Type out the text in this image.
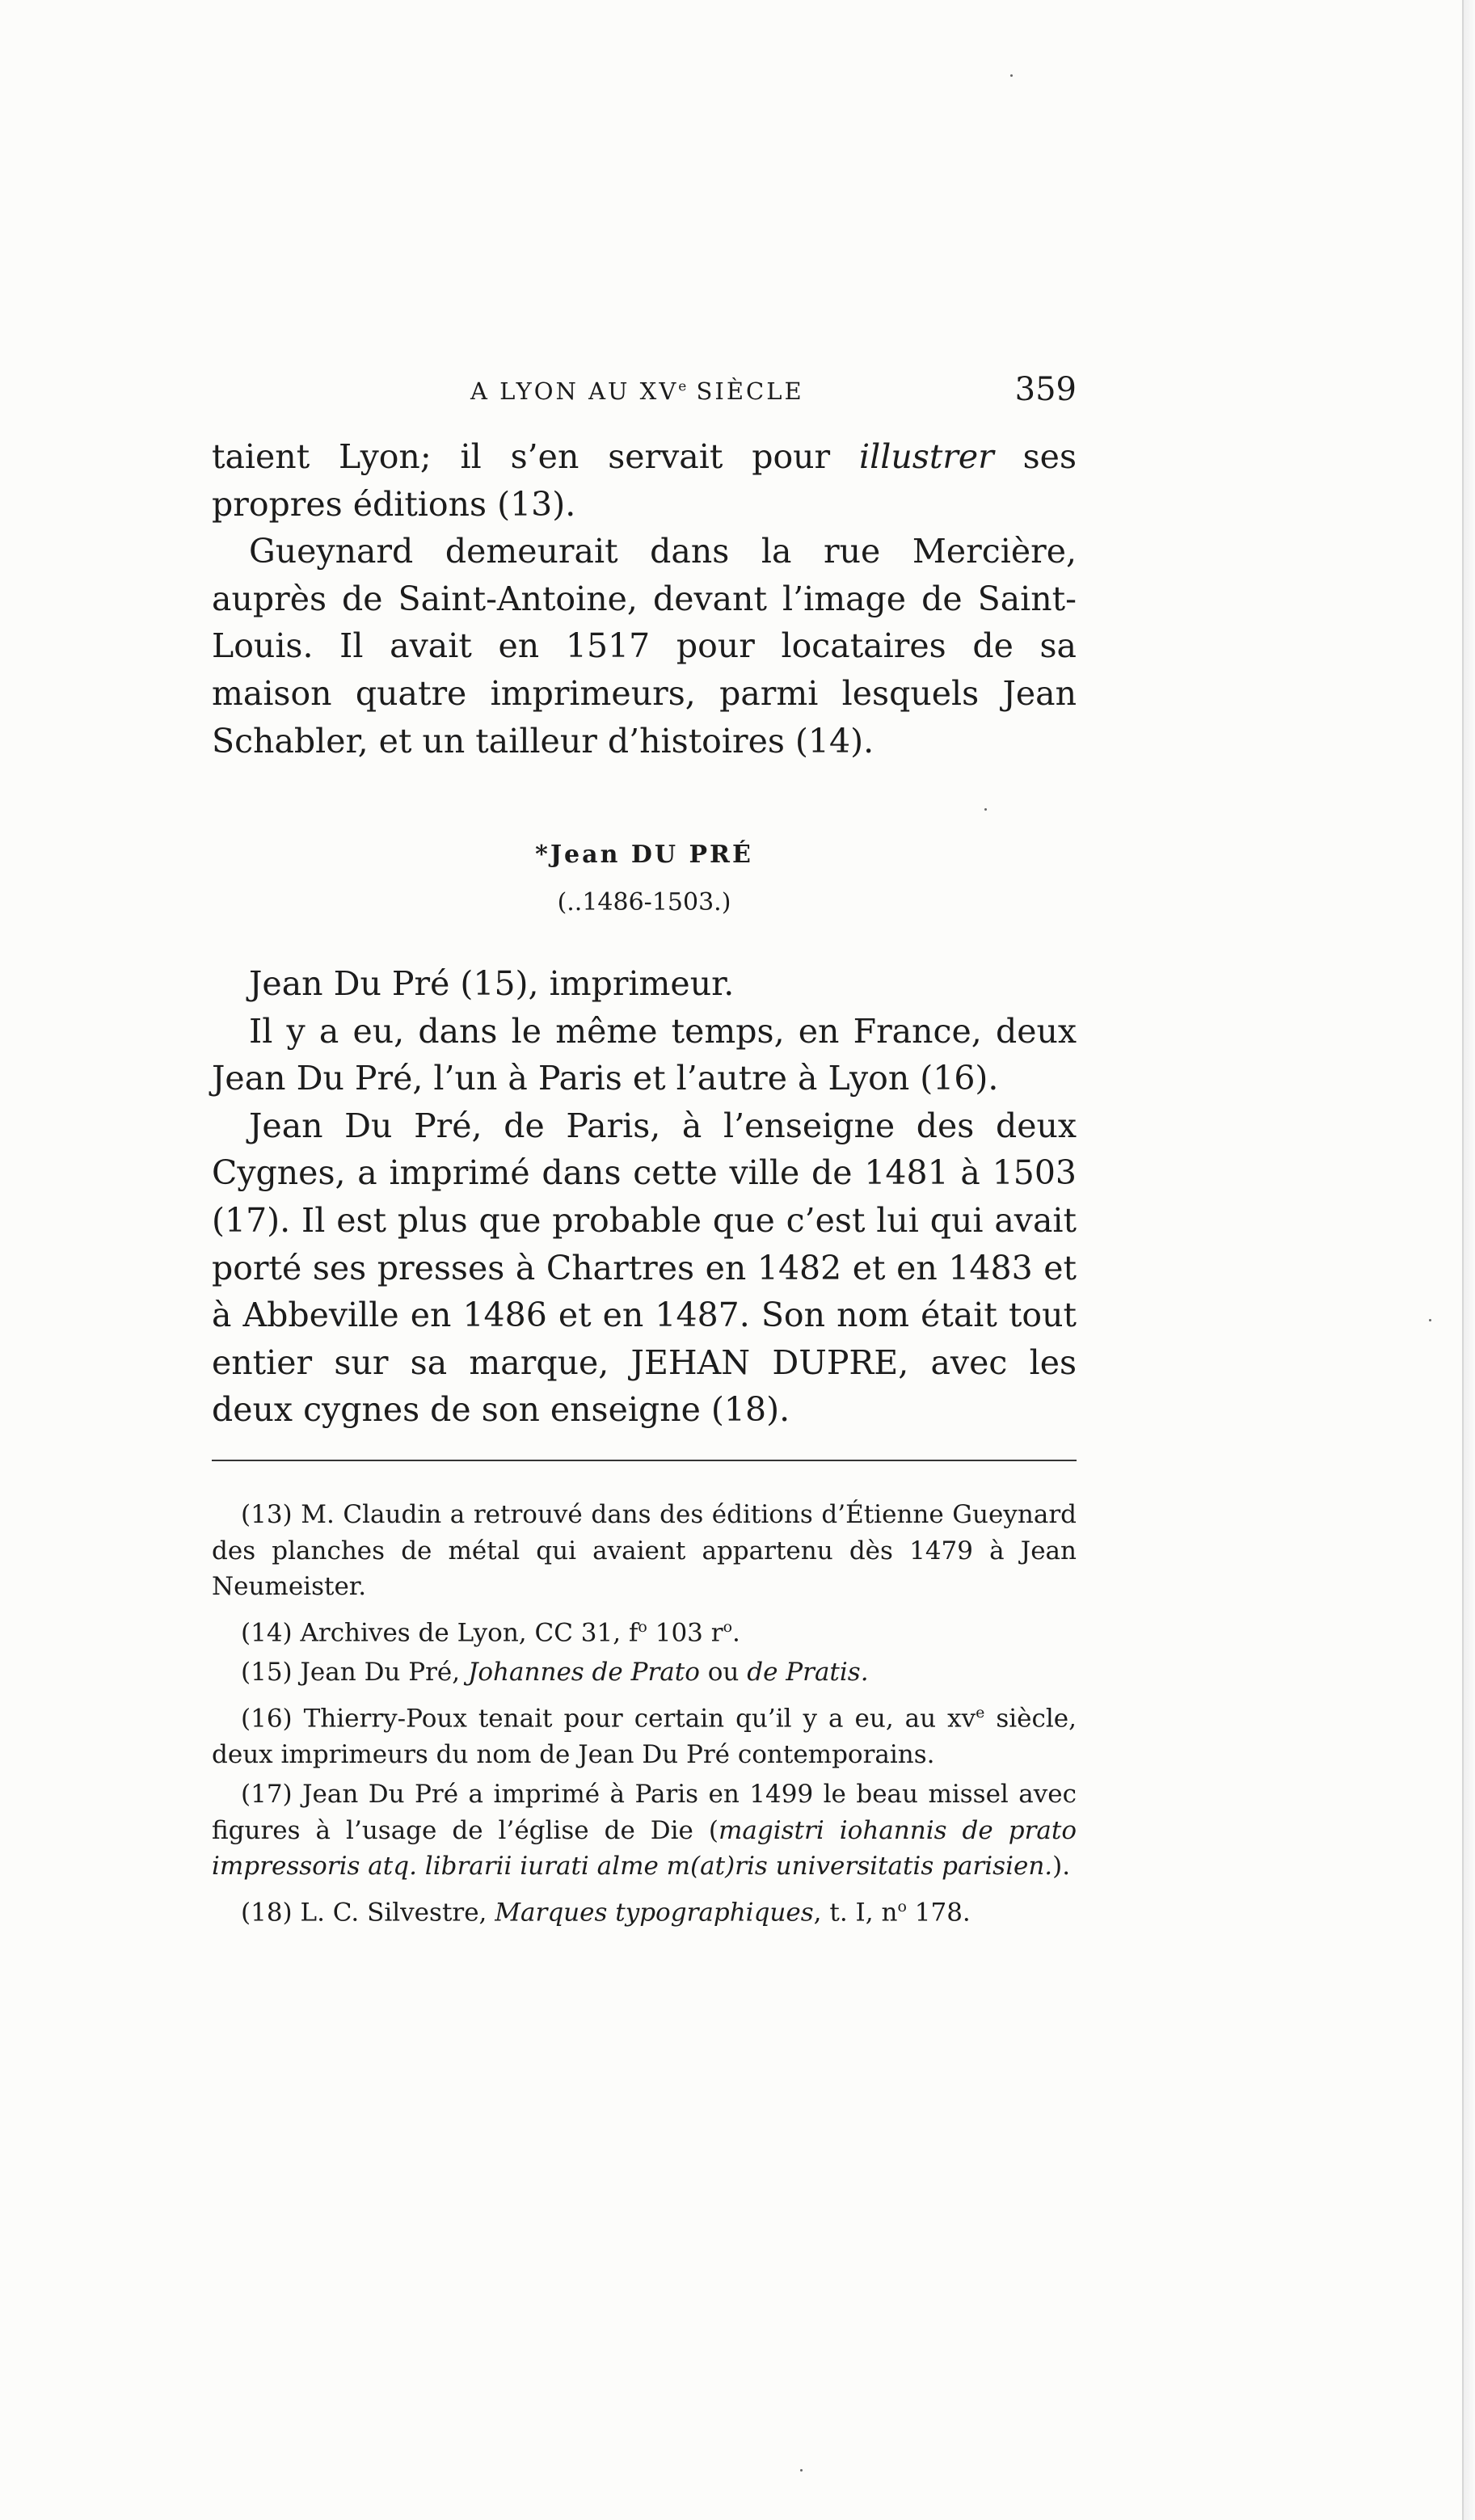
A LYON AU XVe SIÈCLE	359

taient Lyon; il s’en servait pour illustrer ses propres éditions (13).

Gueynard demeurait dans la rue Mercière, auprès de Saint-Antoine, devant l’image de Saint-Louis. Il avait en 1517 pour locataires de sa maison quatre imprimeurs, parmi lesquels Jean Schabler, et un tailleur d’histoires (14).

*Jean DU PRÉ
(..1486-1503.)

Jean Du Pré (15), imprimeur.

Il y a eu, dans le même temps, en France, deux Jean Du Pré, l’un à Paris et l’autre à Lyon (16).

Jean Du Pré, de Paris, à l’enseigne des deux Cygnes, a imprimé dans cette ville de 1481 à 1503 (17). Il est plus que probable que c’est lui qui avait porté ses presses à Chartres en 1482 et en 1483 et à Abbeville en 1486 et en 1487. Son nom était tout entier sur sa marque, JEHAN DUPRE, avec les deux cygnes de son enseigne (18).

(13) M. Claudin a retrouvé dans des éditions d’Étienne Gueynard des planches de métal qui avaient appartenu dès 1479 à Jean Neumeister.

(14) Archives de Lyon, CC 31, $f^o$ 103 $r^o$.

(15) Jean Du Pré, Johannes de Prato ou de Pratis.

(16) Thierry-Poux tenait pour certain qu’il y a eu, au $xv^e$ siècle, deux imprimeurs du nom de Jean Du Pré contemporains.

(17) Jean Du Pré a imprimé à Paris en 1499 le beau missel avec figures à l’usage de l’église de Die (magistri iohannis de prato impressoris atq. librarii iurati alme m(at)ris universitatis parisien.).

(18) L. C. Silvestre, Marques typographiques, t. I, $n^o$ 178.
